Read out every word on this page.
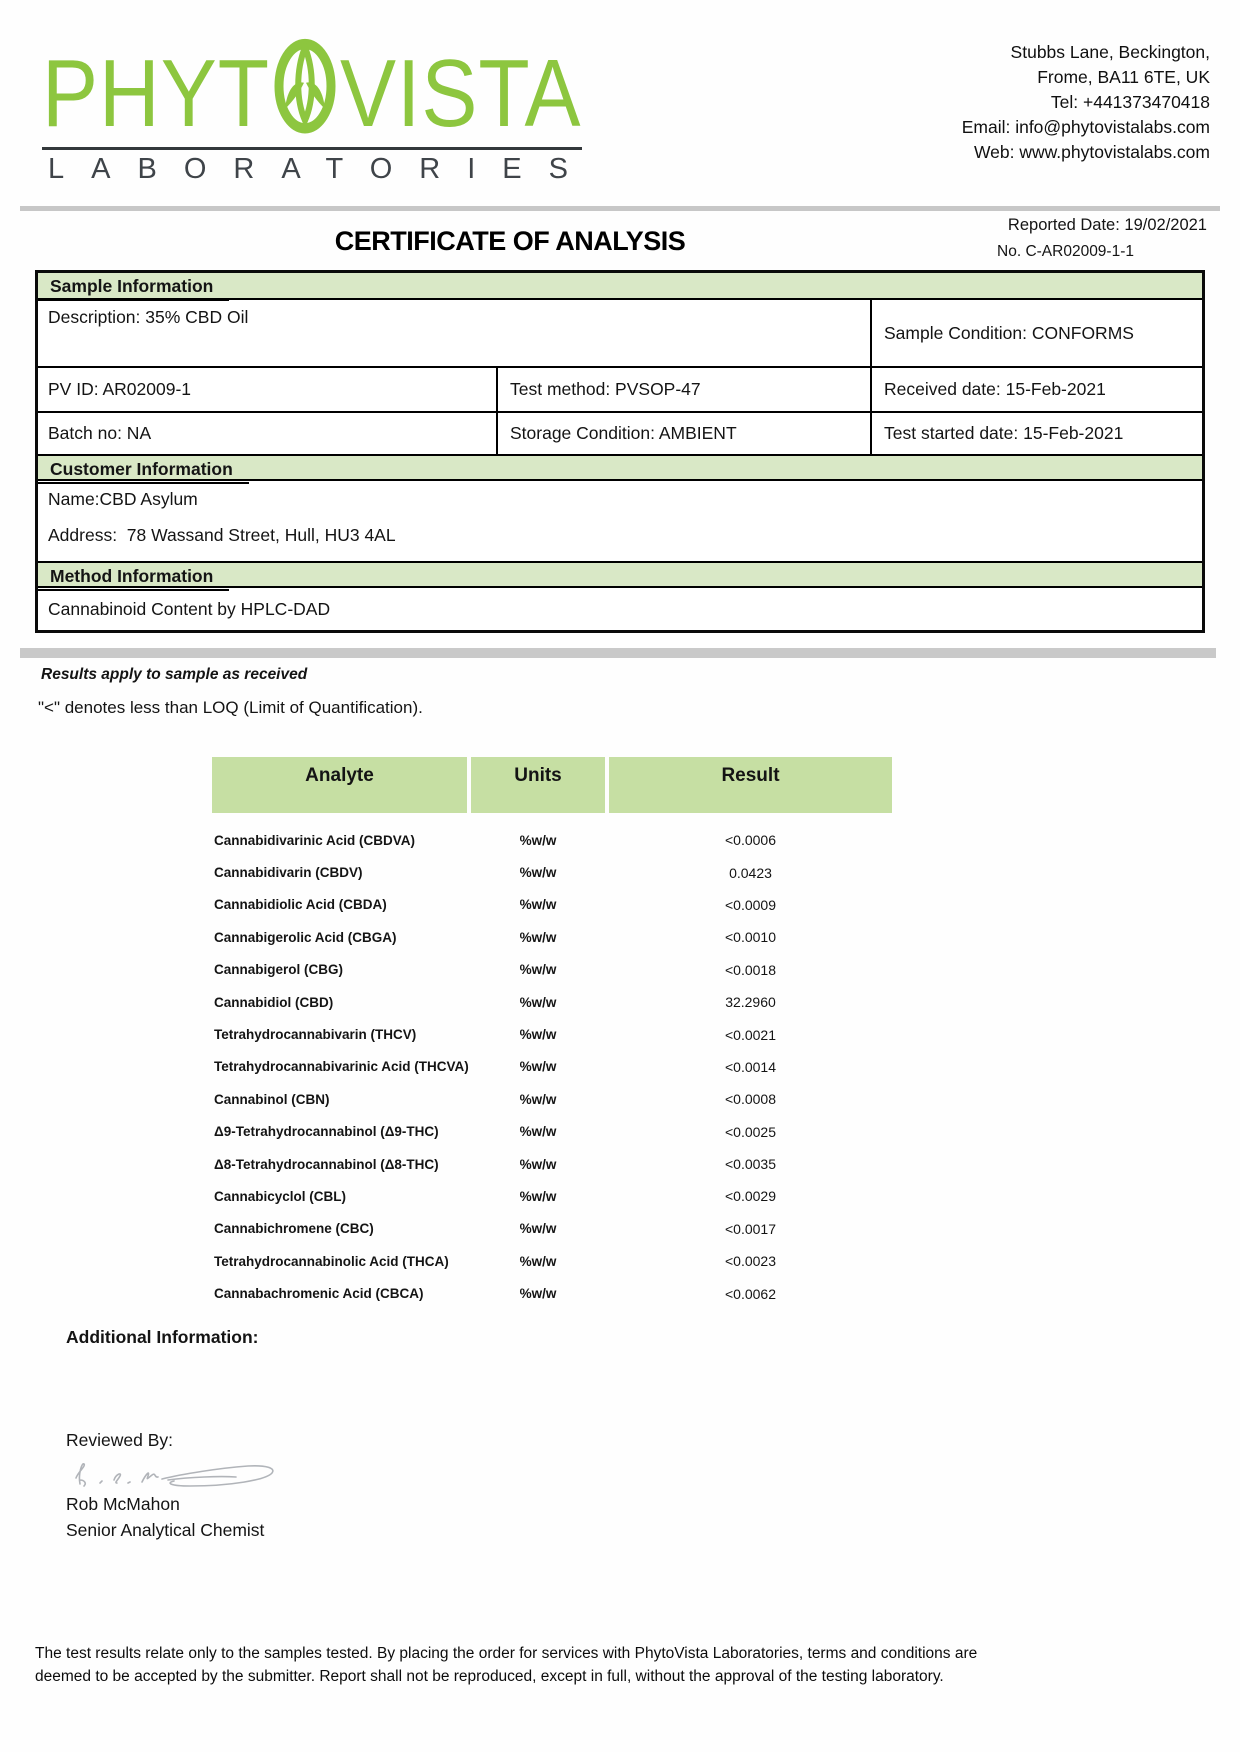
PHYT VISTA
LABORATORIES
Stubbs Lane, Beckington,
Frome, BA11 6TE, UK
Tel: +441373470418
Email: info@phytovistalabs.com
Web: www.phytovistalabs.com
Reported Date: 19/02/2021
No. C-AR02009-1-1
CERTIFICATE OF ANALYSIS
Sample Information
Description: 35% CBD Oil
Sample Condition: CONFORMS
PV ID: AR02009-1	Test method: PVSOP-47	Received date: 15-Feb-2021
Batch no: NA	Storage Condition: AMBIENT	Test started date: 15-Feb-2021
Customer Information
Name:CBD Asylum
Address: 78 Wassand Street, Hull, HU3 4AL
Method Information
Cannabinoid Content by HPLC-DAD
Results apply to sample as received
"<" denotes less than LOQ (Limit of Quantification).
Analyte	Units	Result
Cannabidivarinic Acid (CBDVA)	%w/w	<0.0006
Cannabidivarin (CBDV)	%w/w	0.0423
Cannabidiolic Acid (CBDA)	%w/w	<0.0009
Cannabigerolic Acid (CBGA)	%w/w	<0.0010
Cannabigerol (CBG)	%w/w	<0.0018
Cannabidiol (CBD)	%w/w	32.2960
Tetrahydrocannabivarin (THCV)	%w/w	<0.0021
Tetrahydrocannabivarinic Acid (THCVA)	%w/w	<0.0014
Cannabinol (CBN)	%w/w	<0.0008
Δ9-Tetrahydrocannabinol (Δ9-THC)	%w/w	<0.0025
Δ8-Tetrahydrocannabinol (Δ8-THC)	%w/w	<0.0035
Cannabicyclol (CBL)	%w/w	<0.0029
Cannabichromene (CBC)	%w/w	<0.0017
Tetrahydrocannabinolic Acid (THCA)	%w/w	<0.0023
Cannabachromenic Acid (CBCA)	%w/w	<0.0062
Additional Information:
Reviewed By:
Rob McMahon
Senior Analytical Chemist
The test results relate only to the samples tested. By placing the order for services with PhytoVista Laboratories, terms and conditions are
deemed to be accepted by the submitter. Report shall not be reproduced, except in full, without the approval of the testing laboratory.
